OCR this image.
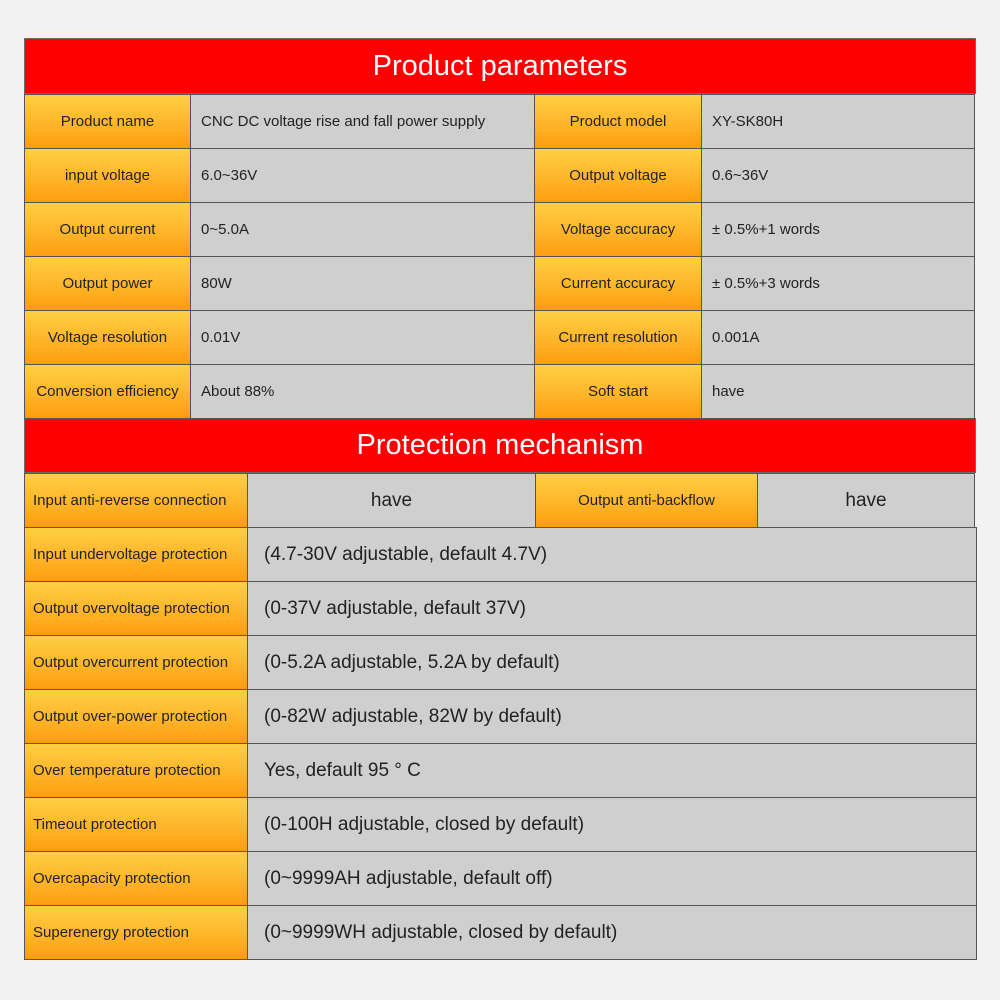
Product parameters
Product name	CNC DC voltage rise and fall power supply	Product model	XY-SK80H
input voltage	6.0~36V	Output voltage	0.6~36V
Output current	0~5.0A	Voltage accuracy	± 0.5%+1 words
Output power	80W	Current accuracy	± 0.5%+3 words
Voltage resolution	0.01V	Current resolution	0.001A
Conversion efficiency	About 88%	Soft start	have
Protection mechanism
Input anti-reverse connection	have	Output anti-backflow	have
Input undervoltage protection	(4.7-30V adjustable, default 4.7V)
Output overvoltage protection	(0-37V adjustable, default 37V)
Output overcurrent protection	(0-5.2A adjustable, 5.2A by default)
Output over-power protection	(0-82W adjustable, 82W by default)
Over temperature protection	Yes, default 95 ° C
Timeout protection	(0-100H adjustable, closed by default)
Overcapacity protection	(0~9999AH adjustable, default off)
Superenergy protection	(0~9999WH adjustable, closed by default)
